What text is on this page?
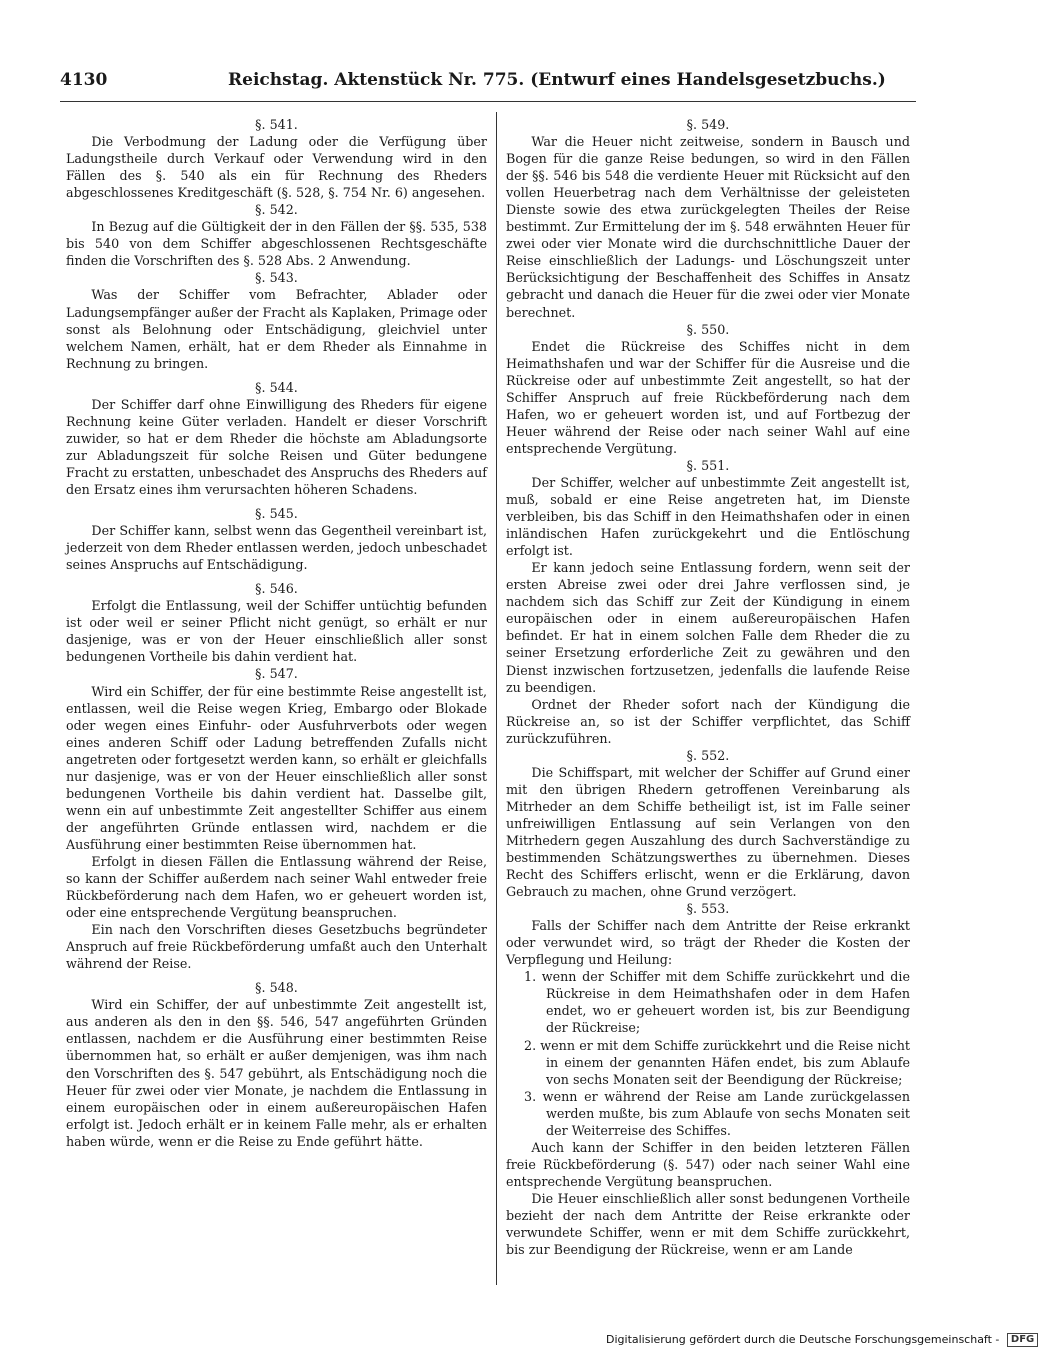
4130	Reichstag. Aktenstück Nr. 775. (Entwurf eines Handelsgesetzbuchs.)

§. 541.

Die Verbodmung der Ladung oder die Verfügung über Ladungstheile durch Verkauf oder Verwendung wird in den Fällen des §. 540 als ein für Rechnung des Rheders abgeschlossenes Kreditgeschäft (§. 528, §. 754 Nr. 6) angesehen.

§. 542.

In Bezug auf die Gültigkeit der in den Fällen der §§. 535, 538 bis 540 von dem Schiffer abgeschlossenen Rechtsgeschäfte finden die Vorschriften des §. 528 Abs. 2 Anwendung.

§. 543.

Was der Schiffer vom Befrachter, Ablader oder Ladungsempfänger außer der Fracht als Kaplaken, Primage oder sonst als Belohnung oder Entschädigung, gleichviel unter welchem Namen, erhält, hat er dem Rheder als Einnahme in Rechnung zu bringen.

§. 544.

Der Schiffer darf ohne Einwilligung des Rheders für eigene Rechnung keine Güter verladen. Handelt er dieser Vorschrift zuwider, so hat er dem Rheder die höchste am Abladungsorte zur Abladungszeit für solche Reisen und Güter bedungene Fracht zu erstatten, unbeschadet des Anspruchs des Rheders auf den Ersatz eines ihm verursachten höheren Schadens.

§. 545.

Der Schiffer kann, selbst wenn das Gegentheil vereinbart ist, jederzeit von dem Rheder entlassen werden, jedoch unbeschadet seines Anspruchs auf Entschädigung.

§. 546.

Erfolgt die Entlassung, weil der Schiffer untüchtig befunden ist oder weil er seiner Pflicht nicht genügt, so erhält er nur dasjenige, was er von der Heuer einschließlich aller sonst bedungenen Vortheile bis dahin verdient hat.

§. 547.

Wird ein Schiffer, der für eine bestimmte Reise angestellt ist, entlassen, weil die Reise wegen Krieg, Embargo oder Blokade oder wegen eines Einfuhr- oder Ausfuhrverbots oder wegen eines anderen Schiff oder Ladung betreffenden Zufalls nicht angetreten oder fortgesetzt werden kann, so erhält er gleichfalls nur dasjenige, was er von der Heuer einschließlich aller sonst bedungenen Vortheile bis dahin verdient hat. Dasselbe gilt, wenn ein auf unbestimmte Zeit angestellter Schiffer aus einem der angeführten Gründe entlassen wird, nachdem er die Ausführung einer bestimmten Reise übernommen hat.

Erfolgt in diesen Fällen die Entlassung während der Reise, so kann der Schiffer außerdem nach seiner Wahl entweder freie Rückbeförderung nach dem Hafen, wo er geheuert worden ist, oder eine entsprechende Vergütung beanspruchen.

Ein nach den Vorschriften dieses Gesetzbuchs begründeter Anspruch auf freie Rückbeförderung umfaßt auch den Unterhalt während der Reise.

§. 548.

Wird ein Schiffer, der auf unbestimmte Zeit angestellt ist, aus anderen als den in den §§. 546, 547 angeführten Gründen entlassen, nachdem er die Ausführung einer bestimmten Reise übernommen hat, so erhält er außer demjenigen, was ihm nach den Vorschriften des §. 547 gebührt, als Entschädigung noch die Heuer für zwei oder vier Monate, je nachdem die Entlassung in einem europäischen oder in einem außereuropäischen Hafen erfolgt ist. Jedoch erhält er in keinem Falle mehr, als er erhalten haben würde, wenn er die Reise zu Ende geführt hätte.

§. 549.

War die Heuer nicht zeitweise, sondern in Bausch und Bogen für die ganze Reise bedungen, so wird in den Fällen der §§. 546 bis 548 die verdiente Heuer mit Rücksicht auf den vollen Heuerbetrag nach dem Verhältnisse der geleisteten Dienste sowie des etwa zurückgelegten Theiles der Reise bestimmt. Zur Ermittelung der im §. 548 erwähnten Heuer für zwei oder vier Monate wird die durchschnittliche Dauer der Reise einschließlich der Ladungs- und Löschungszeit unter Berücksichtigung der Beschaffenheit des Schiffes in Ansatz gebracht und danach die Heuer für die zwei oder vier Monate berechnet.

§. 550.

Endet die Rückreise des Schiffes nicht in dem Heimathshafen und war der Schiffer für die Ausreise und die Rückreise oder auf unbestimmte Zeit angestellt, so hat der Schiffer Anspruch auf freie Rückbeförderung nach dem Hafen, wo er geheuert worden ist, und auf Fortbezug der Heuer während der Reise oder nach seiner Wahl auf eine entsprechende Vergütung.

§. 551.

Der Schiffer, welcher auf unbestimmte Zeit angestellt ist, muß, sobald er eine Reise angetreten hat, im Dienste verbleiben, bis das Schiff in den Heimathshafen oder in einen inländischen Hafen zurückgekehrt und die Entlöschung erfolgt ist.

Er kann jedoch seine Entlassung fordern, wenn seit der ersten Abreise zwei oder drei Jahre verflossen sind, je nachdem sich das Schiff zur Zeit der Kündigung in einem europäischen oder in einem außereuropäischen Hafen befindet. Er hat in einem solchen Falle dem Rheder die zu seiner Ersetzung erforderliche Zeit zu gewähren und den Dienst inzwischen fortzusetzen, jedenfalls die laufende Reise zu beendigen.

Ordnet der Rheder sofort nach der Kündigung die Rückreise an, so ist der Schiffer verpflichtet, das Schiff zurückzuführen.

§. 552.

Die Schiffspart, mit welcher der Schiffer auf Grund einer mit den übrigen Rhedern getroffenen Vereinbarung als Mitrheder an dem Schiffe betheiligt ist, ist im Falle seiner unfreiwilligen Entlassung auf sein Verlangen von den Mitrhedern gegen Auszahlung des durch Sachverständige zu bestimmenden Schätzungswerthes zu übernehmen. Dieses Recht des Schiffers erlischt, wenn er die Erklärung, davon Gebrauch zu machen, ohne Grund verzögert.

§. 553.

Falls der Schiffer nach dem Antritte der Reise erkrankt oder verwundet wird, so trägt der Rheder die Kosten der Verpflegung und Heilung:

1. wenn der Schiffer mit dem Schiffe zurückkehrt und die Rückreise in dem Heimathshafen oder in dem Hafen endet, wo er geheuert worden ist, bis zur Beendigung der Rückreise;

2. wenn er mit dem Schiffe zurückkehrt und die Reise nicht in einem der genannten Häfen endet, bis zum Ablaufe von sechs Monaten seit der Beendigung der Rückreise;

3. wenn er während der Reise am Lande zurückgelassen werden mußte, bis zum Ablaufe von sechs Monaten seit der Weiterreise des Schiffes.

Auch kann der Schiffer in den beiden letzteren Fällen freie Rückbeförderung (§. 547) oder nach seiner Wahl eine entsprechende Vergütung beanspruchen.

Die Heuer einschließlich aller sonst bedungenen Vortheile bezieht der nach dem Antritte der Reise erkrankte oder verwundete Schiffer, wenn er mit dem Schiffe zurückkehrt, bis zur Beendigung der Rückreise, wenn er am Lande

Digitalisierung gefördert durch die Deutsche Forschungsgemeinschaft - DFG
